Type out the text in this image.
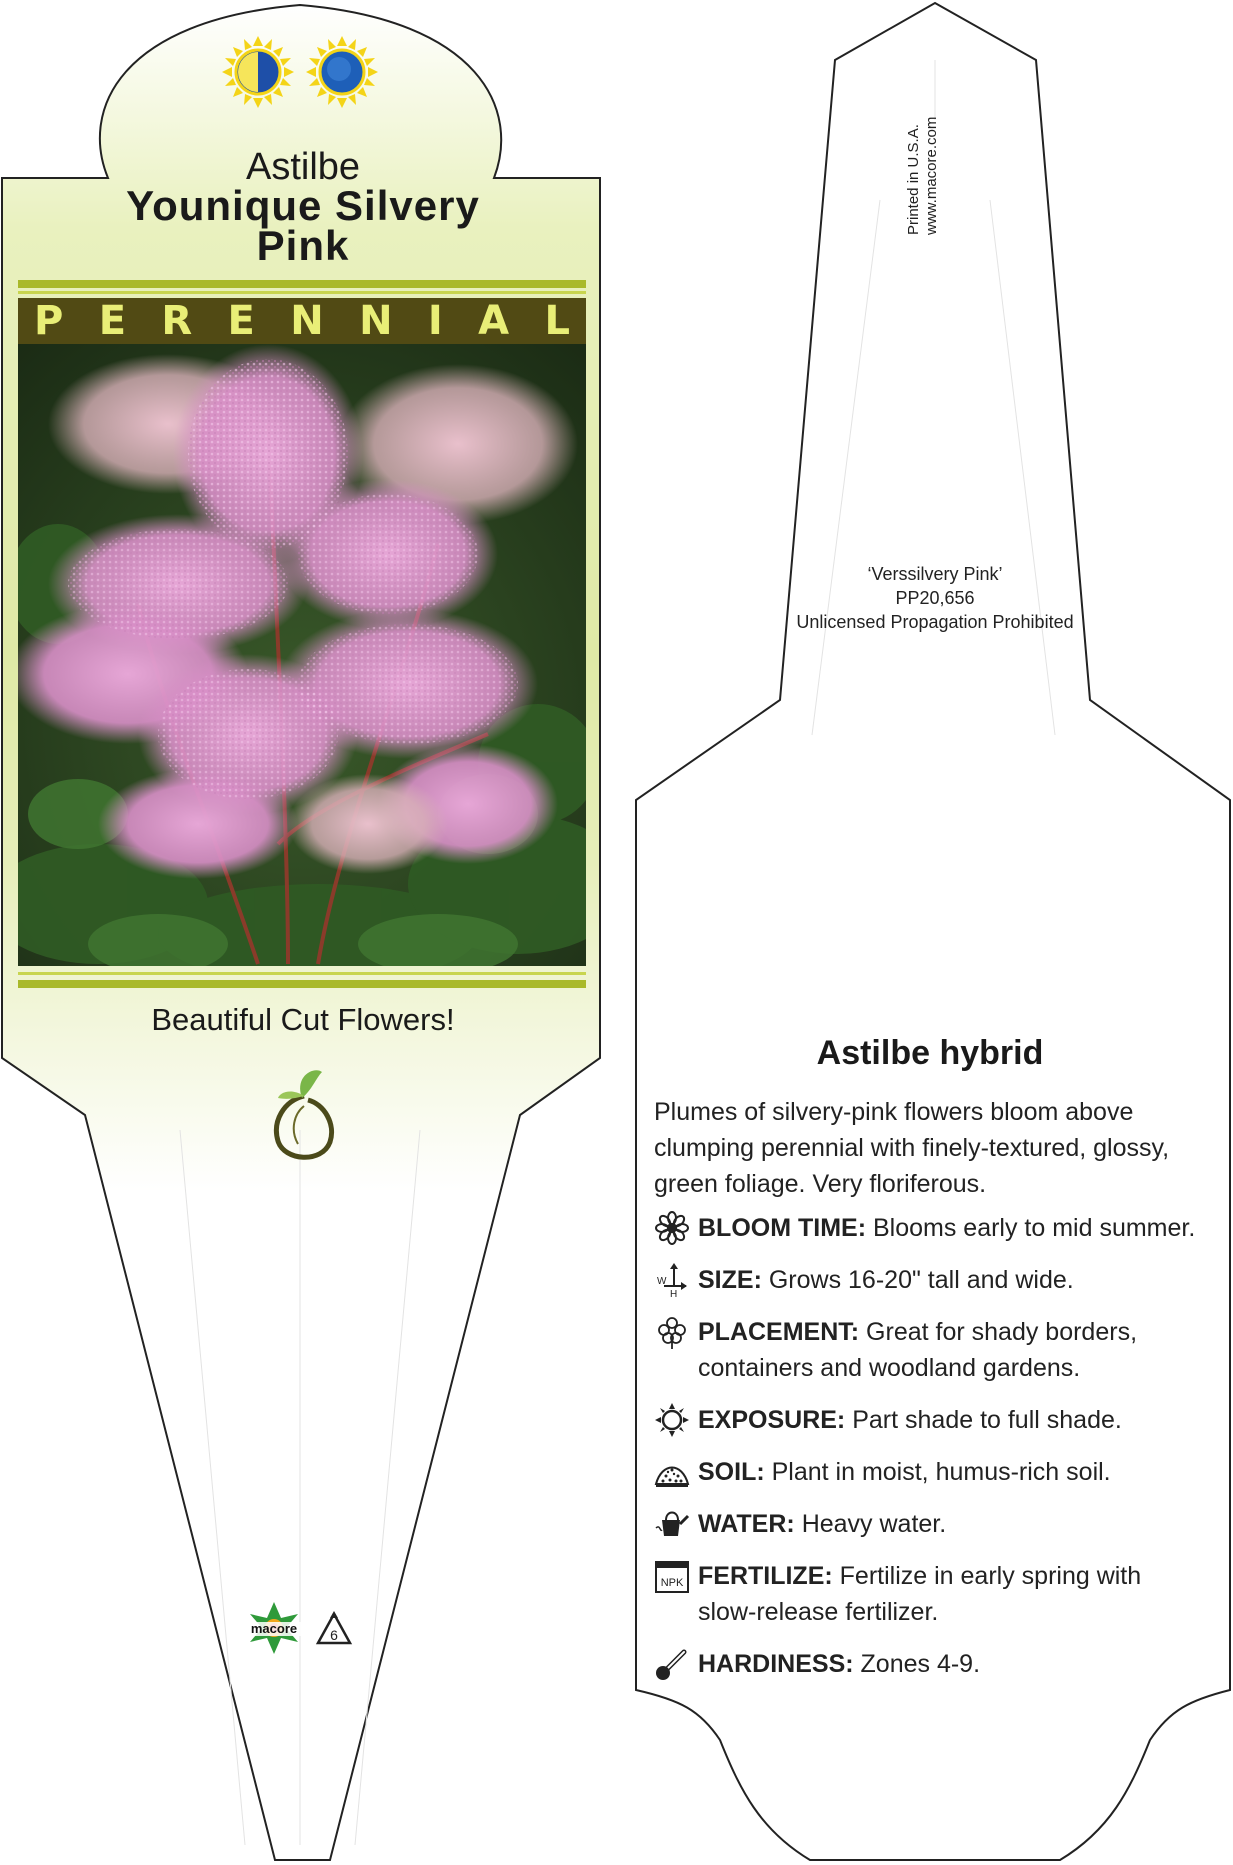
Astilbe
Younique Silvery
Pink
P E R E N N I A L
Beautiful Cut Flowers!
macore 6
Printed in U.S.A. www.macore.com
‘Verssilvery Pink’
PP20,656
Unlicensed Propagation Prohibited
Astilbe hybrid
Plumes of silvery-pink flowers bloom above clumping perennial with finely-textured, glossy, green foliage. Very floriferous.
BLOOM TIME: Blooms early to mid summer.
W
H
SIZE: Grows 16-20" tall and wide.
PLACEMENT: Great for shady borders, containers and woodland gardens.
EXPOSURE: Part shade to full shade.
SOIL: Plant in moist, humus-rich soil.
WATER: Heavy water.
NPK FERTILIZE: Fertilize in early spring with slow-release fertilizer.
HARDINESS: Zones 4-9.
